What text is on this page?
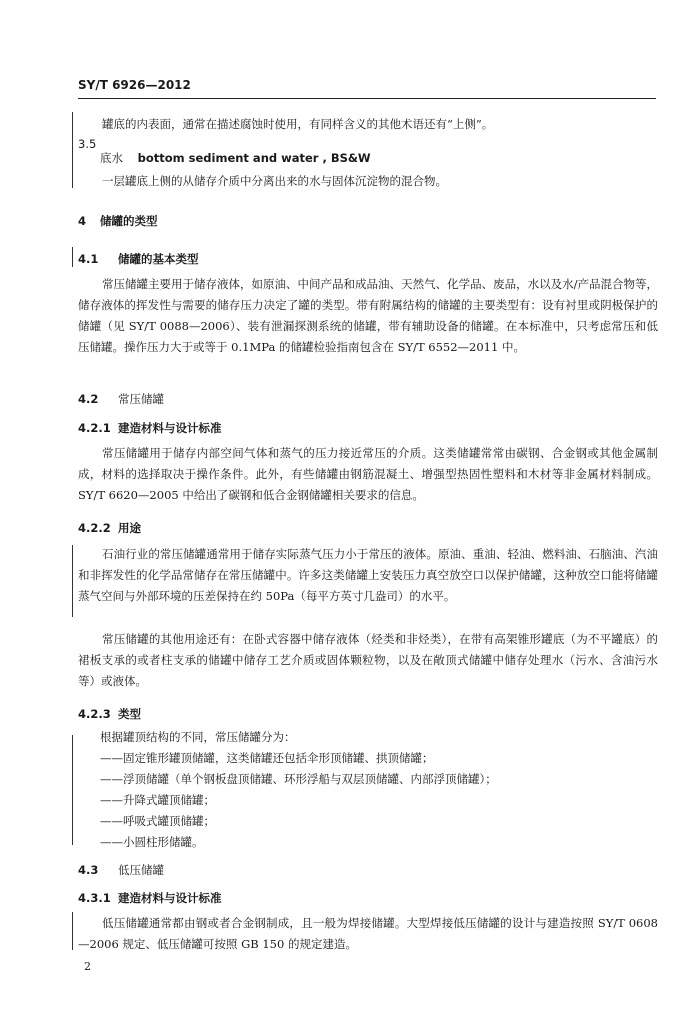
SY/T 6926—2012
罐底的内表面，通常在描述腐蚀时使用，有同样含义的其他术语还有“上侧”。
3.5
底水 bottom sediment and water , BS&W
一层罐底上侧的从储存介质中分离出来的水与固体沉淀物的混合物。
4 储罐的类型
4.1 储罐的基本类型
常压储罐主要用于储存液体，如原油、中间产品和成品油、天然气、化学品、废品，水以及水/产品混合物等，储存液体的挥发性与需要的储存压力决定了罐的类型。带有附属结构的储罐的主要类型有：设有衬里或阴极保护的储罐（见 SY/T 0088—2006）、装有泄漏探测系统的储罐，带有辅助设备的储罐。在本标准中，只考虑常压和低压储罐。操作压力大于或等于 0.1MPa 的储罐检验指南包含在 SY/T 6552—2011 中。
4.2 常压储罐
4.2.1 建造材料与设计标准
常压储罐用于储存内部空间气体和蒸气的压力接近常压的介质。这类储罐常常由碳钢、合金钢或其他金属制成，材料的选择取决于操作条件。此外，有些储罐由钢筋混凝土、增强型热固性塑料和木材等非金属材料制成。SY/T 6620—2005 中给出了碳钢和低合金钢储罐相关要求的信息。
4.2.2 用途
石油行业的常压储罐通常用于储存实际蒸气压力小于常压的液体。原油、重油、轻油、燃料油、石脑油、汽油和非挥发性的化学品常储存在常压储罐中。许多这类储罐上安装压力真空放空口以保护储罐，这种放空口能将储罐蒸气空间与外部环境的压差保持在约 50Pa（每平方英寸几盎司）的水平。
常压储罐的其他用途还有：在卧式容器中储存液体（烃类和非烃类），在带有高架锥形罐底（为不平罐底）的裙板支承的或者柱支承的储罐中储存工艺介质或固体颗粒物，以及在敞顶式储罐中储存处理水（污水、含油污水等）或液体。
4.2.3 类型
根据罐顶结构的不同，常压储罐分为：
——固定锥形罐顶储罐，这类储罐还包括伞形顶储罐、拱顶储罐；
——浮顶储罐（单个钢板盘顶储罐、环形浮船与双层顶储罐、内部浮顶储罐）；
——升降式罐顶储罐；
——呼吸式罐顶储罐；
——小圆柱形储罐。
4.3 低压储罐
4.3.1 建造材料与设计标准
低压储罐通常都由钢或者合金钢制成，且一般为焊接储罐。大型焊接低压储罐的设计与建造按照 SY/T 0608—2006 规定、低压储罐可按照 GB 150 的规定建造。
2
